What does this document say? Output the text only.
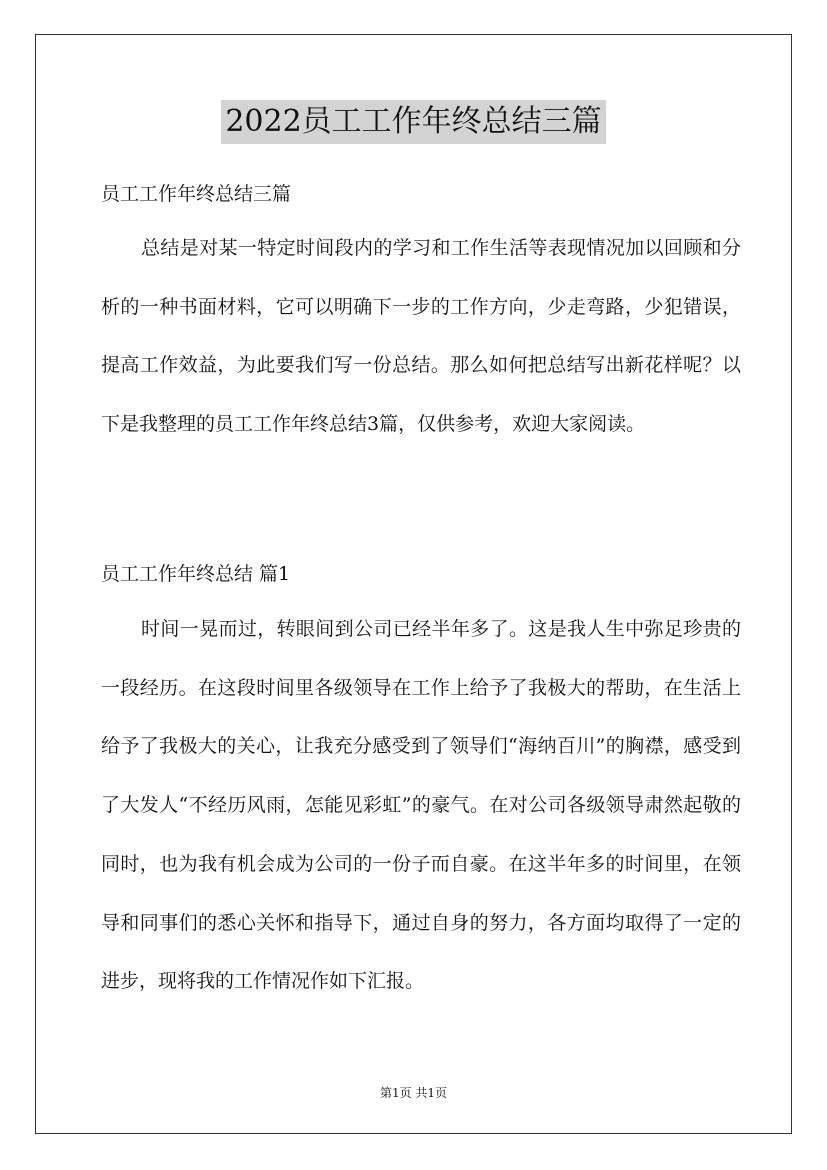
2022员工工作年终总结三篇
员工工作年终总结三篇

总结是对某一特定时间段内的学习和工作生活等表现情况加以回顾和分析的一种书面材料，它可以明确下一步的工作方向，少走弯路，少犯错误，提高工作效益，为此要我们写一份总结。那么如何把总结写出新花样呢？以下是我整理的员工工作年终总结3篇，仅供参考，欢迎大家阅读。

员工工作年终总结 篇1

时间一晃而过，转眼间到公司已经半年多了。这是我人生中弥足珍贵的一段经历。在这段时间里各级领导在工作上给予了我极大的帮助，在生活上给予了我极大的关心，让我充分感受到了领导们“海纳百川”的胸襟，感受到了大发人“不经历风雨，怎能见彩虹”的豪气。在对公司各级领导肃然起敬的同时，也为我有机会成为公司的一份子而自豪。在这半年多的时间里，在领导和同事们的悉心关怀和指导下，通过自身的努力，各方面均取得了一定的进步，现将我的工作情况作如下汇报。

第1页 共1页
